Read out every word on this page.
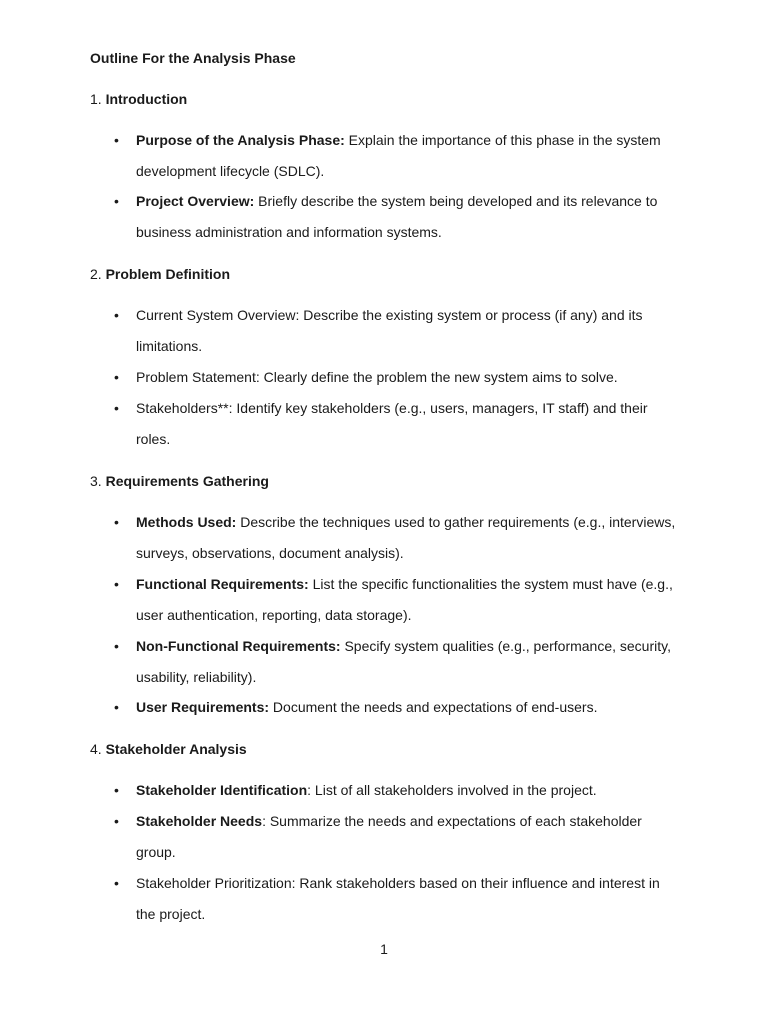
Outline For the Analysis Phase
1. Introduction
• Purpose of the Analysis Phase: Explain the importance of this phase in the system development lifecycle (SDLC).
• Project Overview: Briefly describe the system being developed and its relevance to business administration and information systems.
2. Problem Definition
• Current System Overview: Describe the existing system or process (if any) and its limitations.
• Problem Statement: Clearly define the problem the new system aims to solve.
• Stakeholders**: Identify key stakeholders (e.g., users, managers, IT staff) and their roles.
3. Requirements Gathering
• Methods Used: Describe the techniques used to gather requirements (e.g., interviews, surveys, observations, document analysis).
• Functional Requirements: List the specific functionalities the system must have (e.g., user authentication, reporting, data storage).
• Non-Functional Requirements: Specify system qualities (e.g., performance, security, usability, reliability).
• User Requirements: Document the needs and expectations of end-users.
4. Stakeholder Analysis
• Stakeholder Identification: List of all stakeholders involved in the project.
• Stakeholder Needs: Summarize the needs and expectations of each stakeholder group.
• Stakeholder Prioritization: Rank stakeholders based on their influence and interest in the project.
1
